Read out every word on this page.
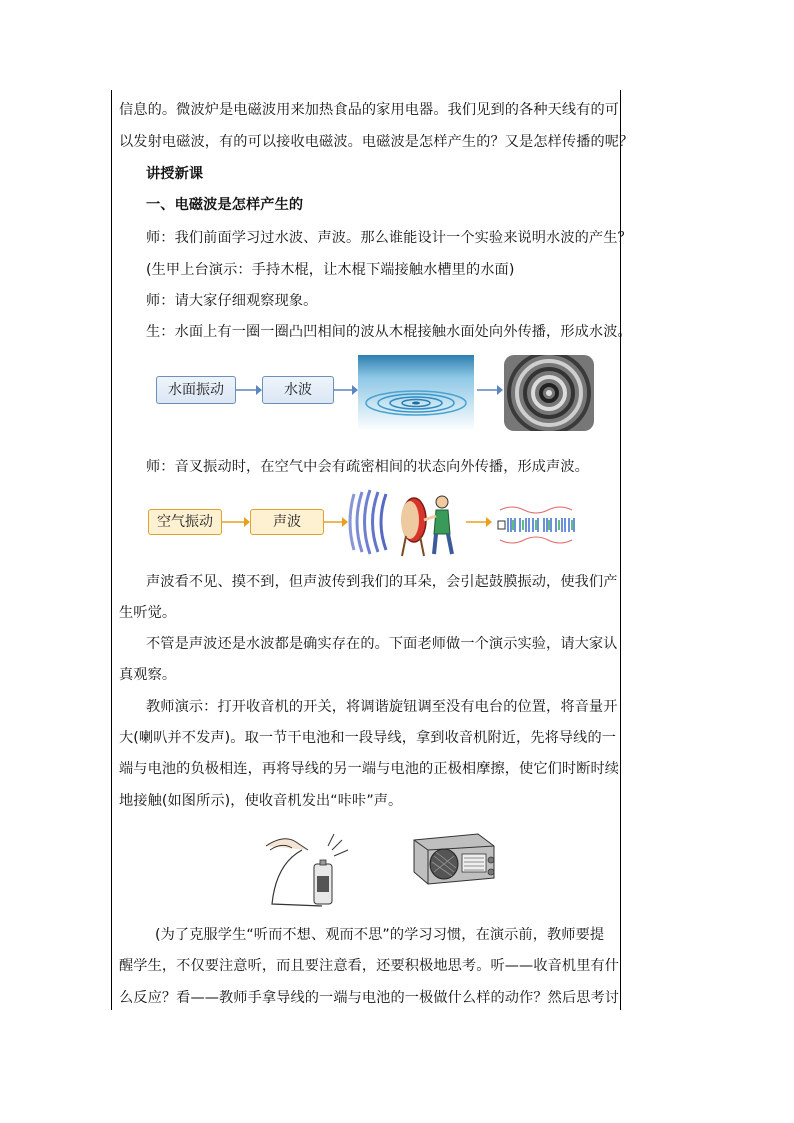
信息的。微波炉是电磁波用来加热食品的家用电器。我们见到的各种天线有的可
以发射电磁波，有的可以接收电磁波。电磁波是怎样产生的？又是怎样传播的呢？
讲授新课
一、电磁波是怎样产生的
师：我们前面学习过水波、声波。那么谁能设计一个实验来说明水波的产生？
(生甲上台演示：手持木棍，让木棍下端接触水槽里的水面)
师：请大家仔细观察现象。
生：水面上有一圈一圈凸凹相间的波从木棍接触水面处向外传播，形成水波。
水面振动	水波
师：音叉振动时，在空气中会有疏密相间的状态向外传播，形成声波。
空气振动	声波
声波看不见、摸不到，但声波传到我们的耳朵，会引起鼓膜振动，使我们产
生听觉。
不管是声波还是水波都是确实存在的。下面老师做一个演示实验，请大家认
真观察。
教师演示：打开收音机的开关，将调谐旋钮调至没有电台的位置，将音量开
大(喇叭并不发声)。取一节干电池和一段导线，拿到收音机附近，先将导线的一
端与电池的负极相连，再将导线的另一端与电池的正极相摩擦，使它们时断时续
地接触(如图所示)，使收音机发出“咔咔”声。
(为了克服学生“听而不想、观而不思”的学习习惯，在演示前，教师要提
醒学生，不仅要注意听，而且要注意看，还要积极地思考。听——收音机里有什
么反应？看——教师手拿导线的一端与电池的一极做什么样的动作？然后思考讨
